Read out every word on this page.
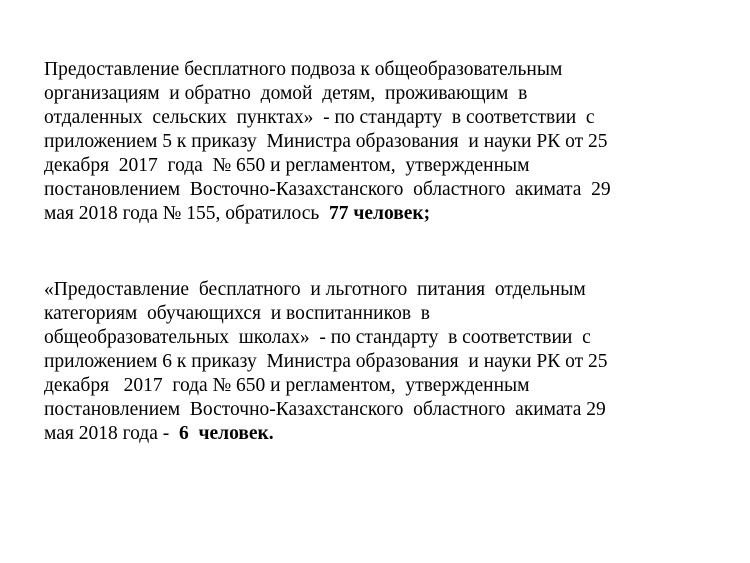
Предоставление бесплатного подвоза к общеобразовательным
организациям  и обратно  домой  детям,  проживающим  в
отдаленных  сельских  пунктах»  - по стандарту  в соответствии  с
приложением 5 к приказу  Министра образования  и науки РК от 25
декабря  2017  года  № 650 и регламентом,  утвержденным
постановлением  Восточно-Казахстанского  областного  акимата  29
мая 2018 года № 155, обратилось  77 человек;
«Предоставление  бесплатного  и льготного  питания  отдельным
категориям  обучающихся  и воспитанников  в
общеобразовательных  школах»  - по стандарту  в соответствии  с
приложением 6 к приказу  Министра образования  и науки РК от 25
декабря   2017  года № 650 и регламентом,  утвержденным
постановлением  Восточно-Казахстанского  областного  акимата 29
мая 2018 года -  6  человек.
